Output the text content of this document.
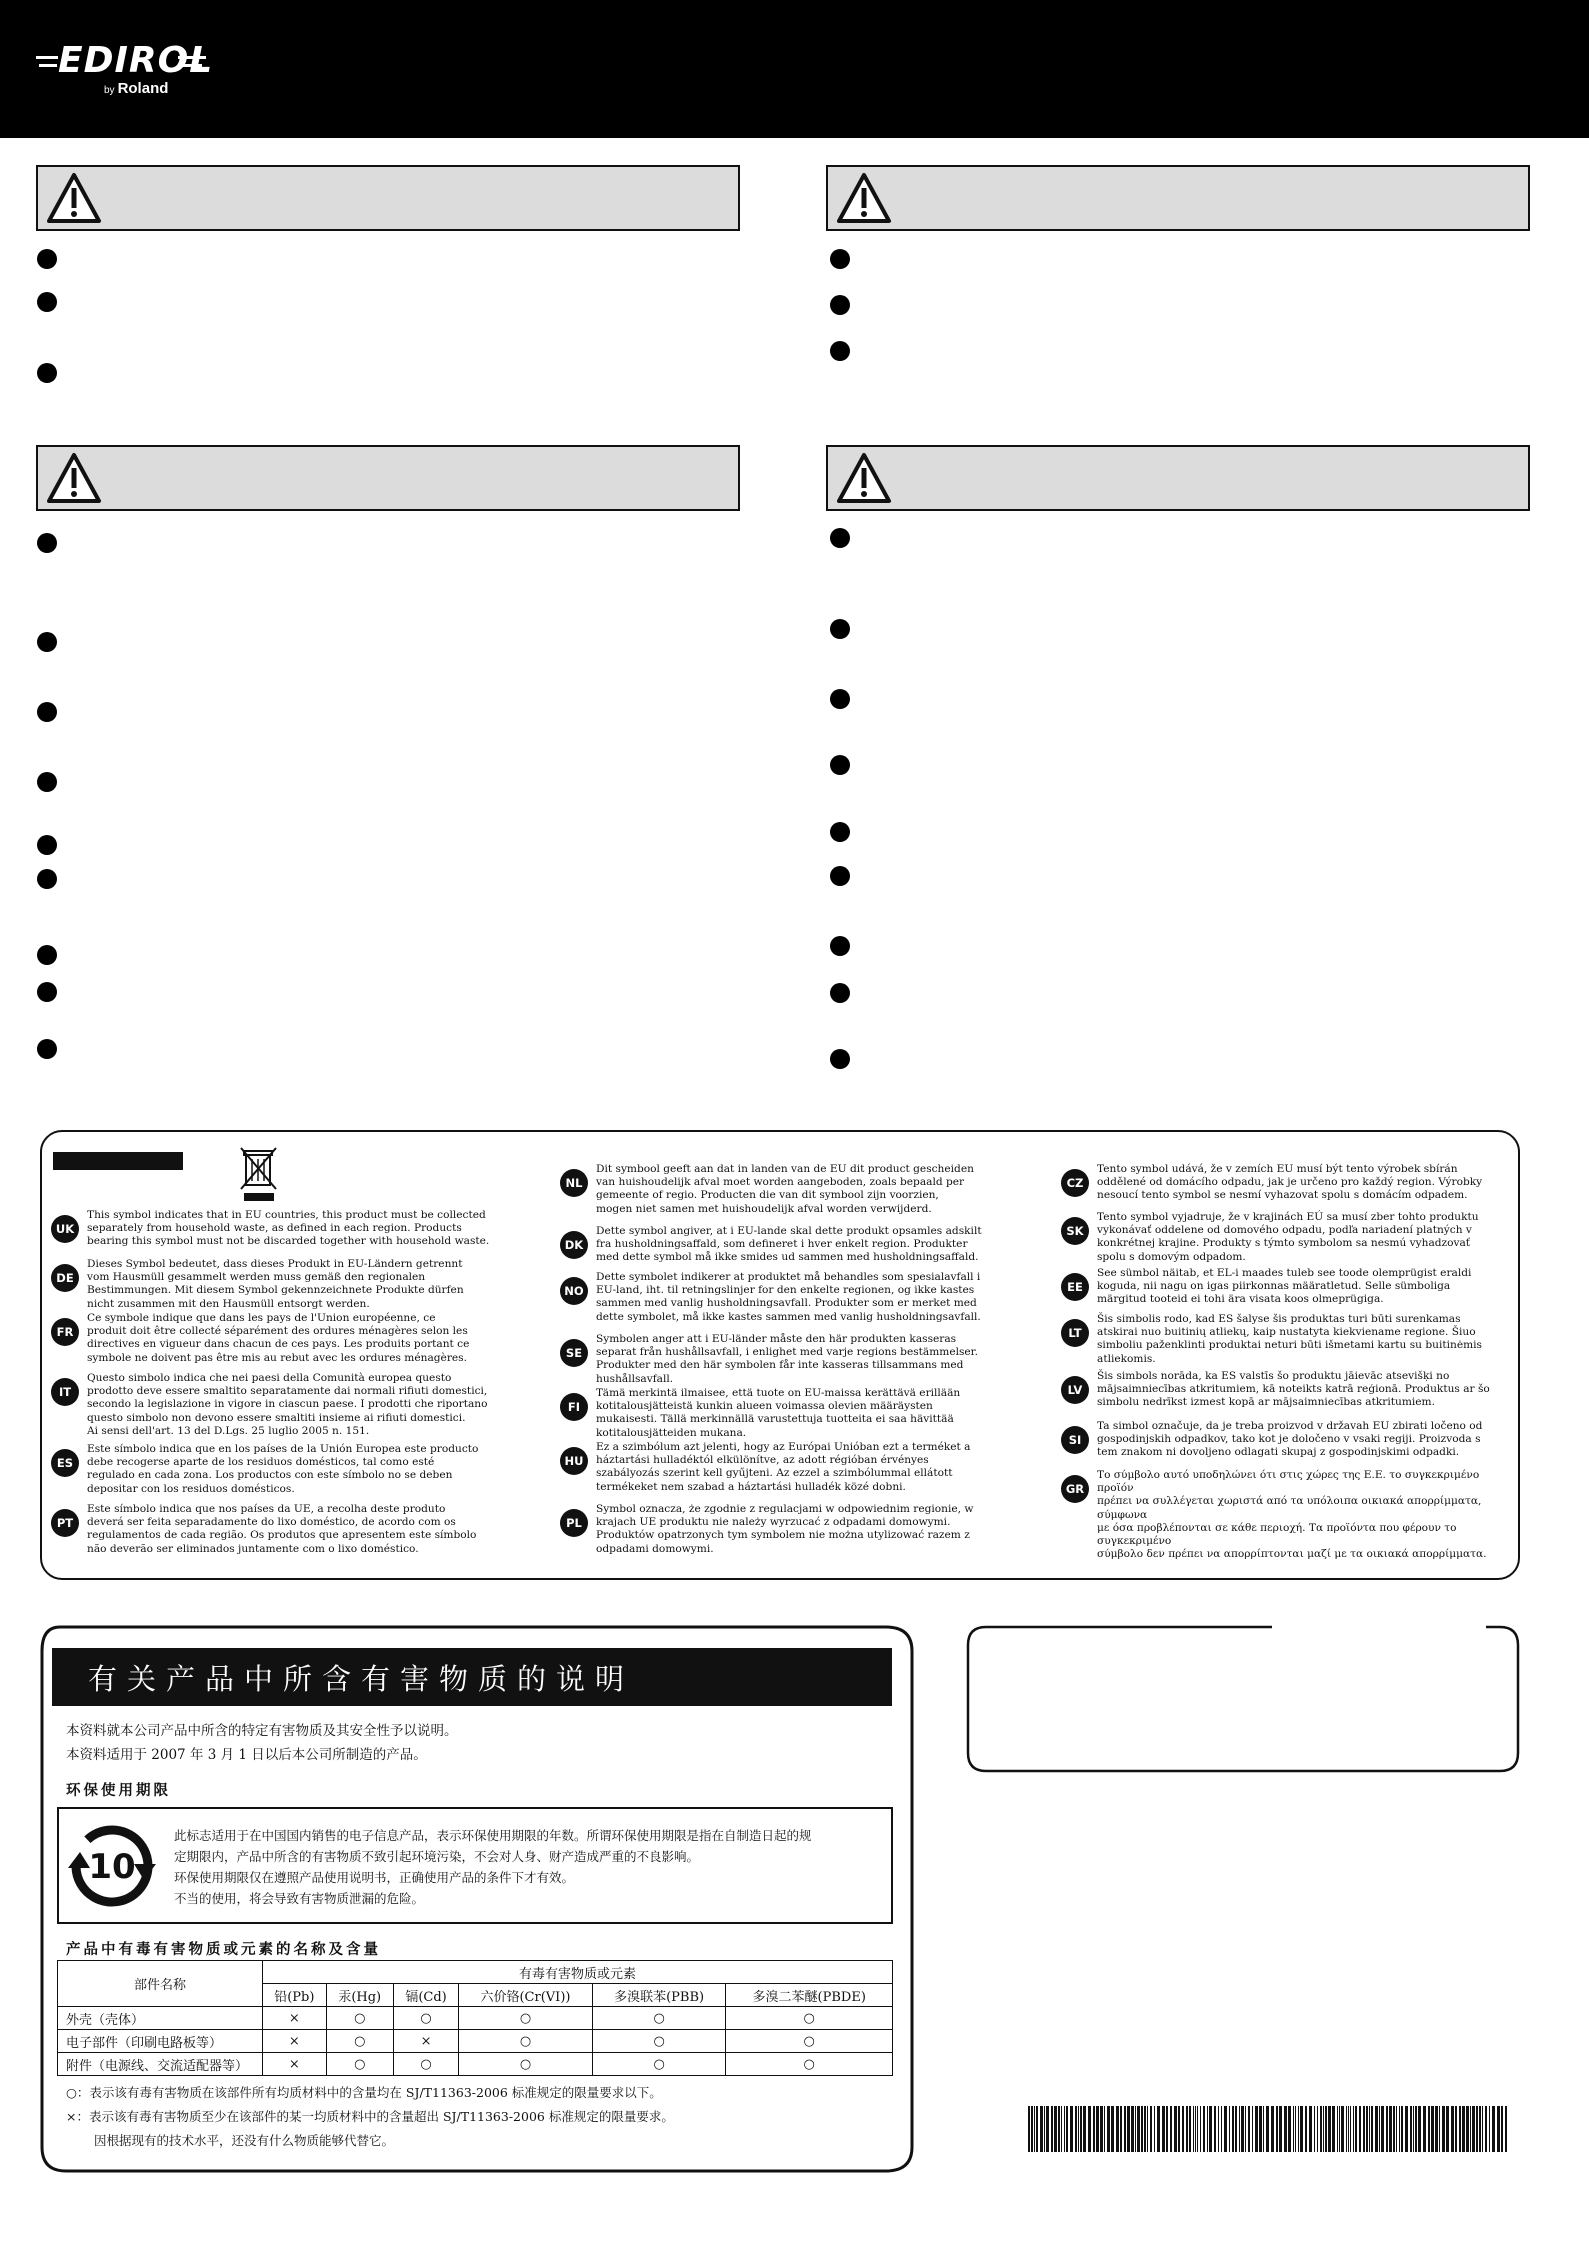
EDIROL
by Roland
有关产品中所含有害物质的说明
本资料就本公司产品中所含的特定有害物质及其安全性予以说明。
本资料适用于 2007 年 3 月 1 日以后本公司所制造的产品。
环保使用期限
10
此标志适用于在中国国内销售的电子信息产品，表示环保使用期限的年数。所谓环保使用期限是指在自制造日起的规
定期限内，产品中所含的有害物质不致引起环境污染，不会对人身、财产造成严重的不良影响。
环保使用期限仅在遵照产品使用说明书，正确使用产品的条件下才有效。
不当的使用，将会导致有害物质泄漏的危险。
产品中有毒有害物质或元素的名称及含量
部件名称	有毒有害物质或元素					
	铅(Pb)	汞(Hg)	镉(Cd)	六价铬(Cr(VI))	多溴联苯(PBB)	多溴二苯醚(PBDE)
外壳（壳体）	×	○	○	○	○	○
电子部件（印刷电路板等）	×	○	×	○	○	○
附件（电源线、交流适配器等）	×	○	○	○	○	○
○：表示该有毒有害物质在该部件所有均质材料中的含量均在 SJ/T11363-2006 标准规定的限量要求以下。
×：表示该有毒有害物质至少在该部件的某一均质材料中的含量超出 SJ/T11363-2006 标准规定的限量要求。
因根据现有的技术水平，还没有什么物质能够代替它。
UK
This symbol indicates that in EU countries, this product must be collected
separately from household waste, as defined in each region. Products
bearing this symbol must not be discarded together with household waste.
DE
Dieses Symbol bedeutet, dass dieses Produkt in EU-Ländern getrennt
vom Hausmüll gesammelt werden muss gemäß den regionalen
Bestimmungen. Mit diesem Symbol gekennzeichnete Produkte dürfen
nicht zusammen mit den Hausmüll entsorgt werden.
FR
Ce symbole indique que dans les pays de l'Union européenne, ce
produit doit être collecté séparément des ordures ménagères selon les
directives en vigueur dans chacun de ces pays. Les produits portant ce
symbole ne doivent pas être mis au rebut avec les ordures ménagères.
IT
Questo simbolo indica che nei paesi della Comunità europea questo
prodotto deve essere smaltito separatamente dai normali rifiuti domestici,
secondo la legislazione in vigore in ciascun paese. I prodotti che riportano
questo simbolo non devono essere smaltiti insieme ai rifiuti domestici.
Ai sensi dell'art. 13 del D.Lgs. 25 luglio 2005 n. 151.
ES
Este símbolo indica que en los países de la Unión Europea este producto
debe recogerse aparte de los residuos domésticos, tal como esté
regulado en cada zona. Los productos con este símbolo no se deben
depositar con los residuos domésticos.
PT
Este símbolo indica que nos países da UE, a recolha deste produto
deverá ser feita separadamente do lixo doméstico, de acordo com os
regulamentos de cada região. Os produtos que apresentem este símbolo
não deverão ser eliminados juntamente com o lixo doméstico.
NL
Dit symbool geeft aan dat in landen van de EU dit product gescheiden
van huishoudelijk afval moet worden aangeboden, zoals bepaald per
gemeente of regio. Producten die van dit symbool zijn voorzien,
mogen niet samen met huishoudelijk afval worden verwijderd.
DK
Dette symbol angiver, at i EU-lande skal dette produkt opsamles adskilt
fra husholdningsaffald, som defineret i hver enkelt region. Produkter
med dette symbol må ikke smides ud sammen med husholdningsaffald.
NO
Dette symbolet indikerer at produktet må behandles som spesialavfall i
EU-land, iht. til retningslinjer for den enkelte regionen, og ikke kastes
sammen med vanlig husholdningsavfall. Produkter som er merket med
dette symbolet, må ikke kastes sammen med vanlig husholdningsavfall.
SE
Symbolen anger att i EU-länder måste den här produkten kasseras
separat från hushållsavfall, i enlighet med varje regions bestämmelser.
Produkter med den här symbolen får inte kasseras tillsammans med
hushållsavfall.
FI
Tämä merkintä ilmaisee, että tuote on EU-maissa kerättävä erillään
kotitalousjätteistä kunkin alueen voimassa olevien määräysten
mukaisesti. Tällä merkinnällä varustettuja tuotteita ei saa hävittää
kotitalousjätteiden mukana.
HU
Ez a szimbólum azt jelenti, hogy az Európai Unióban ezt a terméket a
háztartási hulladéktól elkülönítve, az adott régióban érvényes
szabályozás szerint kell gyűjteni. Az ezzel a szimbólummal ellátott
termékeket nem szabad a háztartási hulladék közé dobni.
PL
Symbol oznacza, że zgodnie z regulacjami w odpowiednim regionie, w
krajach UE produktu nie należy wyrzucać z odpadami domowymi.
Produktów opatrzonych tym symbolem nie można utylizować razem z
odpadami domowymi.
CZ
Tento symbol udává, že v zemích EU musí být tento výrobek sbírán
oddělené od domácího odpadu, jak je určeno pro každý region. Výrobky
nesoucí tento symbol se nesmí vyhazovat spolu s domácím odpadem.
SK
Tento symbol vyjadruje, že v krajinách EÚ sa musí zber tohto produktu
vykonávať oddelene od domového odpadu, podľa nariadení platných v
konkrétnej krajine. Produkty s týmto symbolom sa nesmú vyhadzovať
spolu s domovým odpadom.
EE
See sümbol näitab, et EL-i maades tuleb see toode olemprügist eraldi
koguda, nii nagu on igas piirkonnas määratletud. Selle sümboliga
märgitud tooteid ei tohi ära visata koos olmeprügiga.
LT
Šis simbolis rodo, kad ES šalyse šis produktas turi būti surenkamas
atskirai nuo buitinių atliekų, kaip nustatyta kiekviename regione. Šiuo
simboliu paženklinti produktai neturi būti išmetami kartu su buitinėmis
atliekomis.
LV
Šis simbols norāda, ka ES valstīs šo produktu jāievāc atsevišķi no
mājsaimniecības atkritumiem, kā noteikts katrā reģionā. Produktus ar šo
simbolu nedrīkst izmest kopā ar mājsaimniecības atkritumiem.
SI
Ta simbol označuje, da je treba proizvod v državah EU zbirati ločeno od
gospodinjskih odpadkov, tako kot je določeno v vsaki regiji. Proizvoda s
tem znakom ni dovoljeno odlagati skupaj z gospodinjskimi odpadki.
GR
Το σύμβολο αυτό υποδηλώνει ότι στις χώρες της Ε.Ε. το συγκεκριμένο προϊόν
πρέπει να συλλέγεται χωριστά από τα υπόλοιπα οικιακά απορρίμματα, σύμφωνα
με όσα προβλέπονται σε κάθε περιοχή. Τα προϊόντα που φέρουν το συγκεκριμένο
σύμβολο δεν πρέπει να απορρίπτονται μαζί με τα οικιακά απορρίμματα.
